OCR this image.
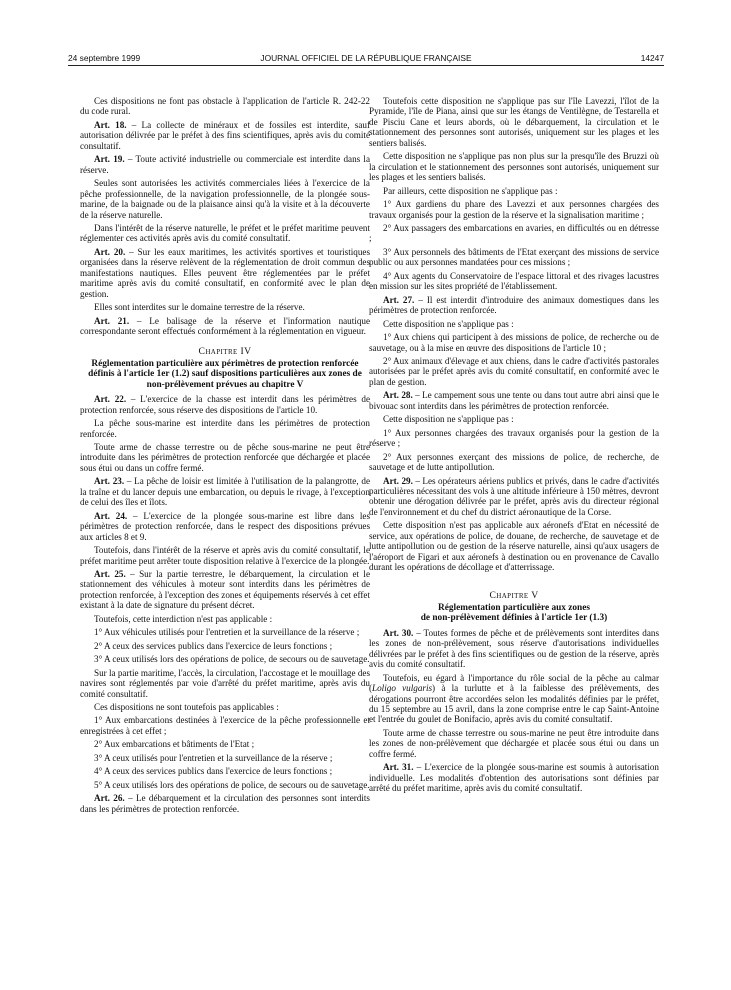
24 septembre 1999	JOURNAL OFFICIEL DE LA RÉPUBLIQUE FRANÇAISE	14247

Ces dispositions ne font pas obstacle à l'application de l'article R. 242-22 du code rural.

Art. 18. – La collecte de minéraux et de fossiles est interdite, sauf autorisation délivrée par le préfet à des fins scientifiques, après avis du comité consultatif.

Art. 19. – Toute activité industrielle ou commerciale est interdite dans la réserve.

Seules sont autorisées les activités commerciales liées à l'exercice de la pêche professionnelle, de la navigation professionnelle, de la plongée sous-marine, de la baignade ou de la plaisance ainsi qu'à la visite et à la découverte de la réserve naturelle.

Dans l'intérêt de la réserve naturelle, le préfet et le préfet maritime peuvent réglementer ces activités après avis du comité consultatif.

Art. 20. – Sur les eaux maritimes, les activités sportives et touristiques organisées dans la réserve relèvent de la réglementation de droit commun des manifestations nautiques. Elles peuvent être réglementées par le préfet maritime après avis du comité consultatif, en conformité avec le plan de gestion.

Elles sont interdites sur le domaine terrestre de la réserve.

Art. 21. – Le balisage de la réserve et l'information nautique correspondante seront effectués conformément à la réglementation en vigueur.

Chapitre IV

Réglementation particulière aux périmètres de protection renforcée définis à l'article 1er (1.2) sauf dispositions particulières aux zones de non-prélèvement prévues au chapitre V

Art. 22. – L'exercice de la chasse est interdit dans les périmètres de protection renforcée, sous réserve des dispositions de l'article 10.

La pêche sous-marine est interdite dans les périmètres de protection renforcée.

Toute arme de chasse terrestre ou de pêche sous-marine ne peut être introduite dans les périmètres de protection renforcée que déchargée et placée sous étui ou dans un coffre fermé.

Art. 23. – La pêche de loisir est limitée à l'utilisation de la palangrotte, de la traîne et du lancer depuis une embarcation, ou depuis le rivage, à l'exception de celui des îles et îlots.

Art. 24. – L'exercice de la plongée sous-marine est libre dans les périmètres de protection renforcée, dans le respect des dispositions prévues aux articles 8 et 9.

Toutefois, dans l'intérêt de la réserve et après avis du comité consultatif, le préfet maritime peut arrêter toute disposition relative à l'exercice de la plongée.

Art. 25. – Sur la partie terrestre, le débarquement, la circulation et le stationnement des véhicules à moteur sont interdits dans les périmètres de protection renforcée, à l'exception des zones et équipements réservés à cet effet existant à la date de signature du présent décret.

Toutefois, cette interdiction n'est pas applicable :

1° Aux véhicules utilisés pour l'entretien et la surveillance de la réserve ;

2° A ceux des services publics dans l'exercice de leurs fonctions ;

3° A ceux utilisés lors des opérations de police, de secours ou de sauvetage.

Sur la partie maritime, l'accès, la circulation, l'accostage et le mouillage des navires sont réglementés par voie d'arrêté du préfet maritime, après avis du comité consultatif.

Ces dispositions ne sont toutefois pas applicables :

1° Aux embarcations destinées à l'exercice de la pêche professionnelle et enregistrées à cet effet ;

2° Aux embarcations et bâtiments de l'Etat ;

3° A ceux utilisés pour l'entretien et la surveillance de la réserve ;

4° A ceux des services publics dans l'exercice de leurs fonctions ;

5° A ceux utilisés lors des opérations de police, de secours ou de sauvetage.

Art. 26. – Le débarquement et la circulation des personnes sont interdits dans les périmètres de protection renforcée.

Toutefois cette disposition ne s'applique pas sur l'île Lavezzi, l'îlot de la Pyramide, l'île de Piana, ainsi que sur les étangs de Ventilègne, de Testarella et de Pisciu Cane et leurs abords, où le débarquement, la circulation et le stationnement des personnes sont autorisés, uniquement sur les plages et les sentiers balisés.

Cette disposition ne s'applique pas non plus sur la presqu'île des Bruzzi où la circulation et le stationnement des personnes sont autorisés, uniquement sur les plages et les sentiers balisés.

Par ailleurs, cette disposition ne s'applique pas :

1° Aux gardiens du phare des Lavezzi et aux personnes chargées des travaux organisés pour la gestion de la réserve et la signalisation maritime ;

2° Aux passagers des embarcations en avaries, en difficultés ou en détresse ;

3° Aux personnels des bâtiments de l'Etat exerçant des missions de service public ou aux personnes mandatées pour ces missions ;

4° Aux agents du Conservatoire de l'espace littoral et des rivages lacustres en mission sur les sites propriété de l'établissement.

Art. 27. – Il est interdit d'introduire des animaux domestiques dans les périmètres de protection renforcée.

Cette disposition ne s'applique pas :

1° Aux chiens qui participent à des missions de police, de recherche ou de sauvetage, ou à la mise en œuvre des dispositions de l'article 10 ;

2° Aux animaux d'élevage et aux chiens, dans le cadre d'activités pastorales autorisées par le préfet après avis du comité consultatif, en conformité avec le plan de gestion.

Art. 28. – Le campement sous une tente ou dans tout autre abri ainsi que le bivouac sont interdits dans les périmètres de protection renforcée.

Cette disposition ne s'applique pas :

1° Aux personnes chargées des travaux organisés pour la gestion de la réserve ;

2° Aux personnes exerçant des missions de police, de recherche, de sauvetage et de lutte antipollution.

Art. 29. – Les opérateurs aériens publics et privés, dans le cadre d'activités particulières nécessitant des vols à une altitude inférieure à 150 mètres, devront obtenir une dérogation délivrée par le préfet, après avis du directeur régional de l'environnement et du chef du district aéronautique de la Corse.

Cette disposition n'est pas applicable aux aéronefs d'Etat en nécessité de service, aux opérations de police, de douane, de recherche, de sauvetage et de lutte antipollution ou de gestion de la réserve naturelle, ainsi qu'aux usagers de l'aéroport de Figari et aux aéronefs à destination ou en provenance de Cavallo durant les opérations de décollage et d'atterrissage.

Chapitre V

Réglementation particulière aux zones

de non-prélèvement définies à l'article 1er (1.3)

Art. 30. – Toutes formes de pêche et de prélèvements sont interdites dans les zones de non-prélèvement, sous réserve d'autorisations individuelles délivrées par le préfet à des fins scientifiques ou de gestion de la réserve, après avis du comité consultatif.

Toutefois, eu égard à l'importance du rôle social de la pêche au calmar (Loligo vulgaris) à la turlutte et à la faiblesse des prélèvements, des dérogations pourront être accordées selon les modalités définies par le préfet, du 15 septembre au 15 avril, dans la zone comprise entre le cap Saint-Antoine et l'entrée du goulet de Bonifacio, après avis du comité consultatif.

Toute arme de chasse terrestre ou sous-marine ne peut être introduite dans les zones de non-prélèvement que déchargée et placée sous étui ou dans un coffre fermé.

Art. 31. – L'exercice de la plongée sous-marine est soumis à autorisation individuelle. Les modalités d'obtention des autorisations sont définies par arrêté du préfet maritime, après avis du comité consultatif.
